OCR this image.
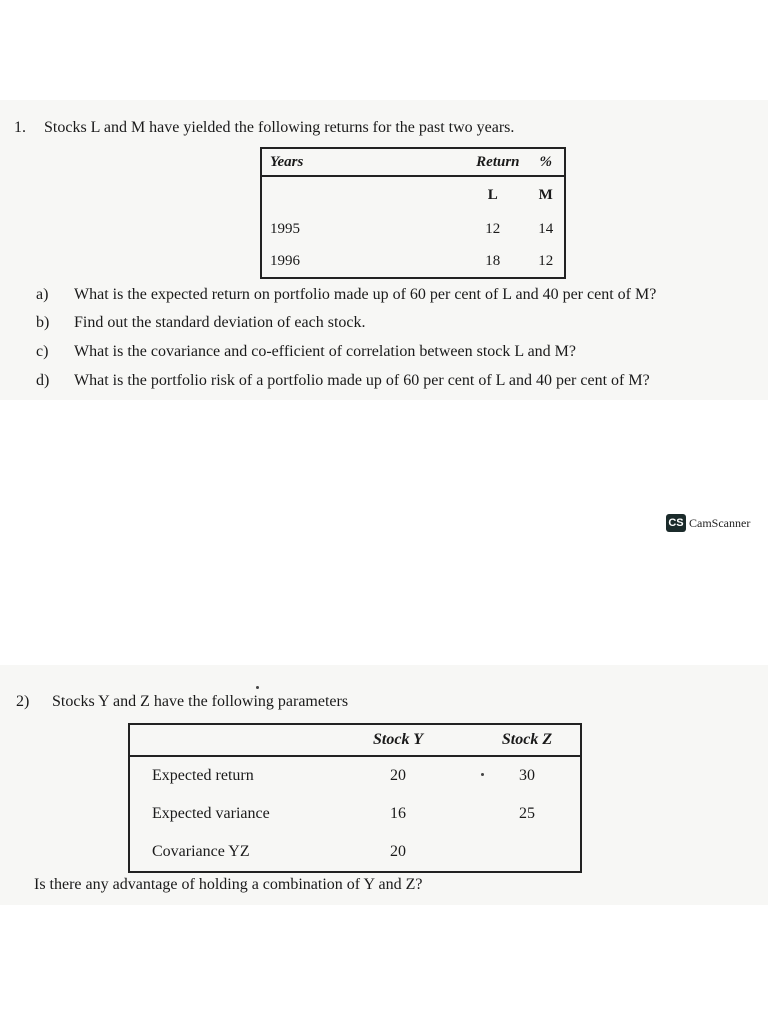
1. Stocks L and M have yielded the following returns for the past two years.
Years	Return	%
	L	M
1995	12	14
1996	18	12
a) What is the expected return on portfolio made up of 60 per cent of L and 40 per cent of M?
b) Find out the standard deviation of each stock.
c) What is the covariance and co-efficient of correlation between stock L and M?
d) What is the portfolio risk of a portfolio made up of 60 per cent of L and 40 per cent of M?
CS CamScanner
2) Stocks Y and Z have the following parameters
	Stock Y	Stock Z
Expected return	20	30
Expected variance	16	25
Covariance YZ	20	
Is there any advantage of holding a combination of Y and Z?
